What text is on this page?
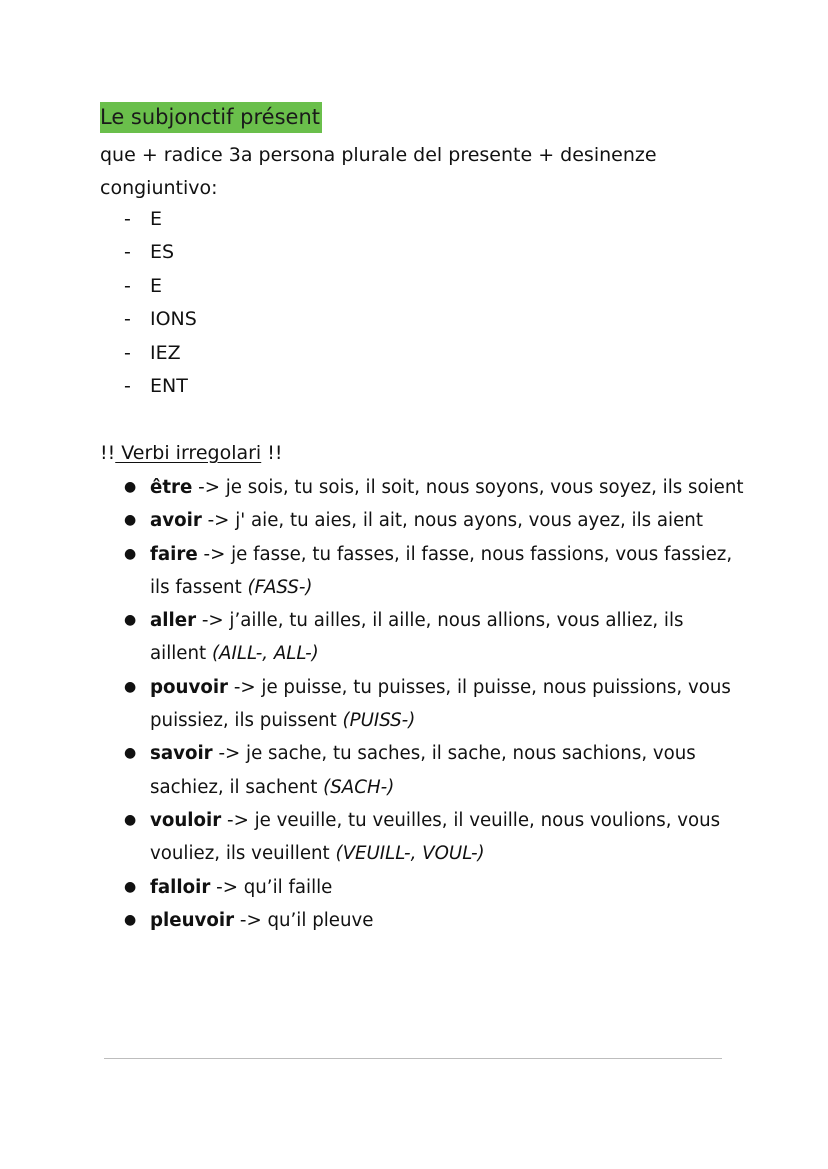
Le subjonctif présent
que + radice 3a persona plurale del presente + desinenze
congiuntivo:
- E
- ES
- E
- IONS
- IEZ
- ENT
!! Verbi irregolari !!
● être -> je sois, tu sois, il soit, nous soyons, vous soyez, ils soient
● avoir -> j' aie, tu aies, il ait, nous ayons, vous ayez, ils aient
● faire -> je fasse, tu fasses, il fasse, nous fassions, vous fassiez, ils fassent (FASS-)
● aller -> j’aille, tu ailles, il aille, nous allions, vous alliez, ils aillent (AILL-, ALL-)
● pouvoir -> je puisse, tu puisses, il puisse, nous puissions, vous puissiez, ils puissent (PUISS-)
● savoir -> je sache, tu saches, il sache, nous sachions, vous sachiez, il sachent (SACH-)
● vouloir -> je veuille, tu veuilles, il veuille, nous voulions, vous vouliez, ils veuillent (VEUILL-, VOUL-)
● falloir -> qu’il faille
● pleuvoir -> qu’il pleuve
